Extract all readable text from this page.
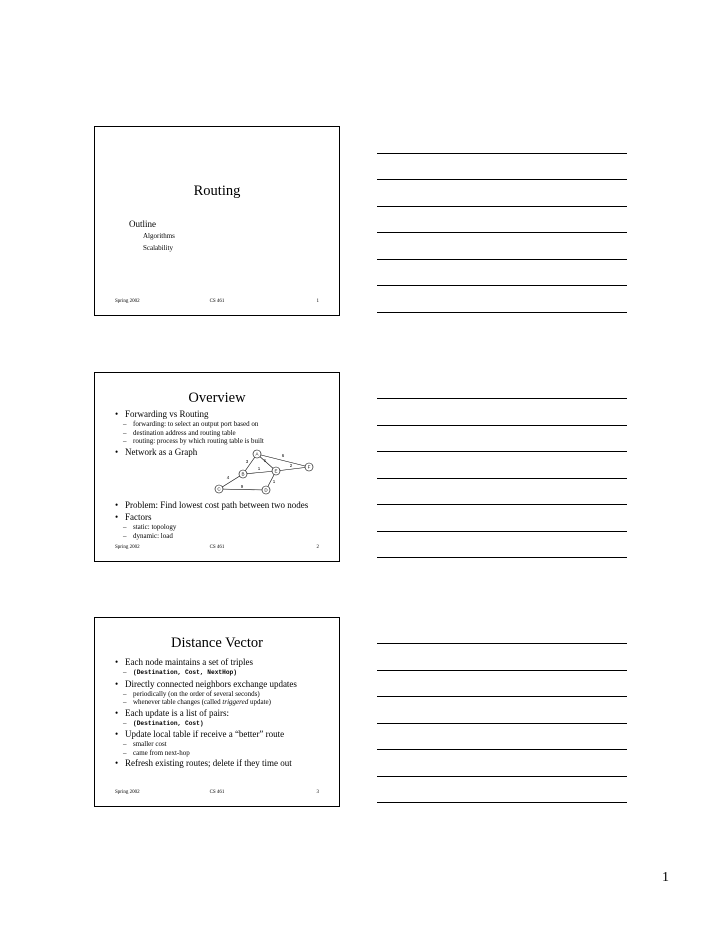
Routing
Outline
Algorithms
Scalability
Spring 2002	CS 461	1
Overview
• Forwarding vs Routing
– forwarding: to select an output port based on
– destination address and routing table
– routing: process by which routing table is built
• Network as a Graph	A
B
C	D
E
F
6
1
3
2
1
4
1
9
• Problem: Find lowest cost path between two nodes
• Factors
– static: topology
– dynamic: load
Spring 2002	CS 461	2
Distance Vector
• Each node maintains a set of triples
– (Destination, Cost, NextHop)
• Directly connected neighbors exchange updates
– periodically (on the order of several seconds)
– whenever table changes (called triggered update)
• Each update is a list of pairs:
– (Destination, Cost)
• Update local table if receive a “better” route
– smaller cost
– came from next-hop
• Refresh existing routes; delete if they time out
Spring 2002	CS 461	3
1
